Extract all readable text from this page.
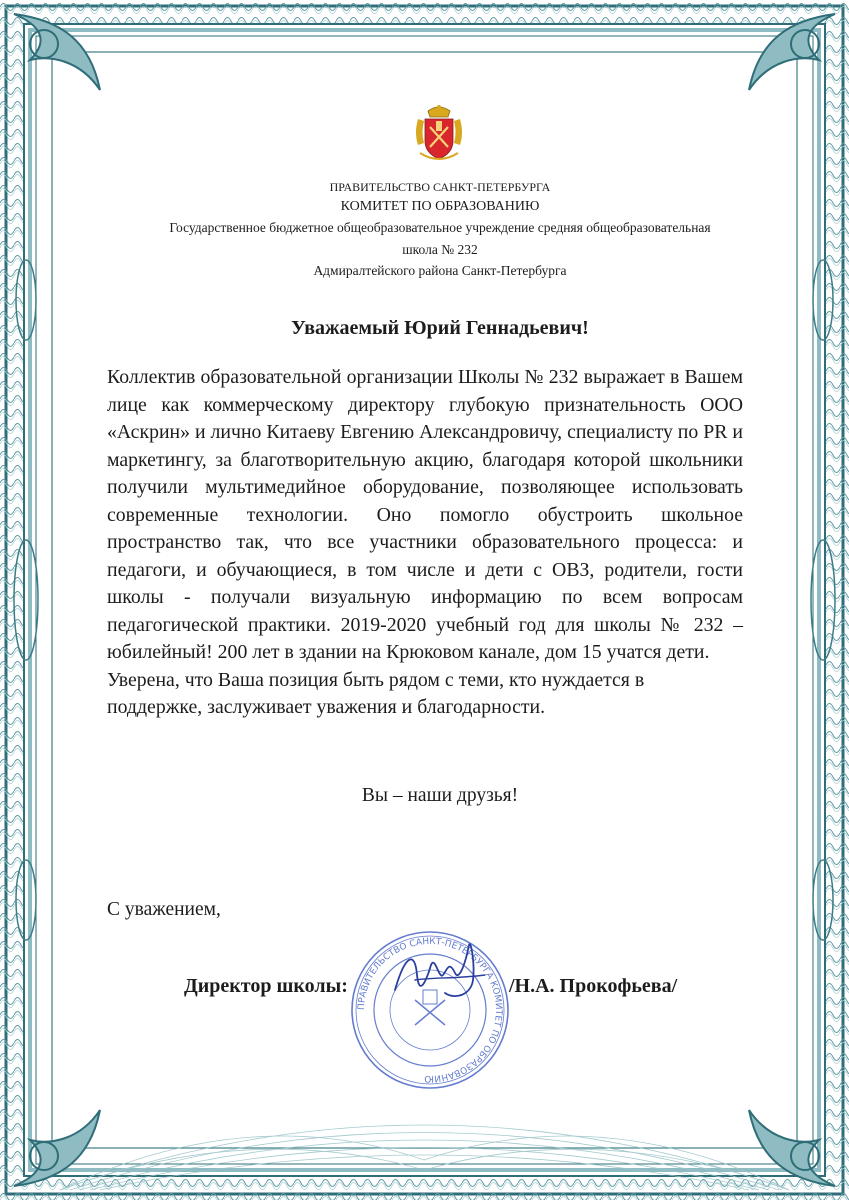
ПРАВИТЕЛЬСТВО САНКТ-ПЕТЕРБУРГА
КОМИТЕТ ПО ОБРАЗОВАНИЮ
Государственное бюджетное общеобразовательное учреждение средняя общеобразовательная
школа № 232
Адмиралтейского района Санкт-Петербурга
Уважаемый Юрий Геннадьевич!

Коллектив образовательной организации Школы № 232 выражает в Вашем лице как коммерческому директору глубокую признательность ООО «Аскрин» и лично Китаеву Евгению Александровичу, специалисту по PR и маркетингу, за благотворительную акцию, благодаря которой школьники получили мультимедийное оборудование, позволяющее использовать современные технологии. Оно помогло обустроить школьное пространство так, что все участники образовательного процесса: и педагоги, и обучающиеся, в том числе и дети с ОВЗ, родители, гости школы - получали визуальную информацию по всем вопросам педагогической практики. 2019-2020 учебный год для школы № 232 – юбилейный! 200 лет в здании на Крюковом канале, дом 15 учатся дети.

Уверена, что Ваша позиция быть рядом с теми, кто нуждается в поддержке, заслуживает уважения и благодарности.

Вы – наши друзья!
С уважением,
ПРАВИТЕЛЬСТВО САНКТ-ПЕТЕРБУРГА КОМИТЕТ ПО ОБРАЗОВАНИЮ
Директор школы:	/Н.А. Прокофьева/
